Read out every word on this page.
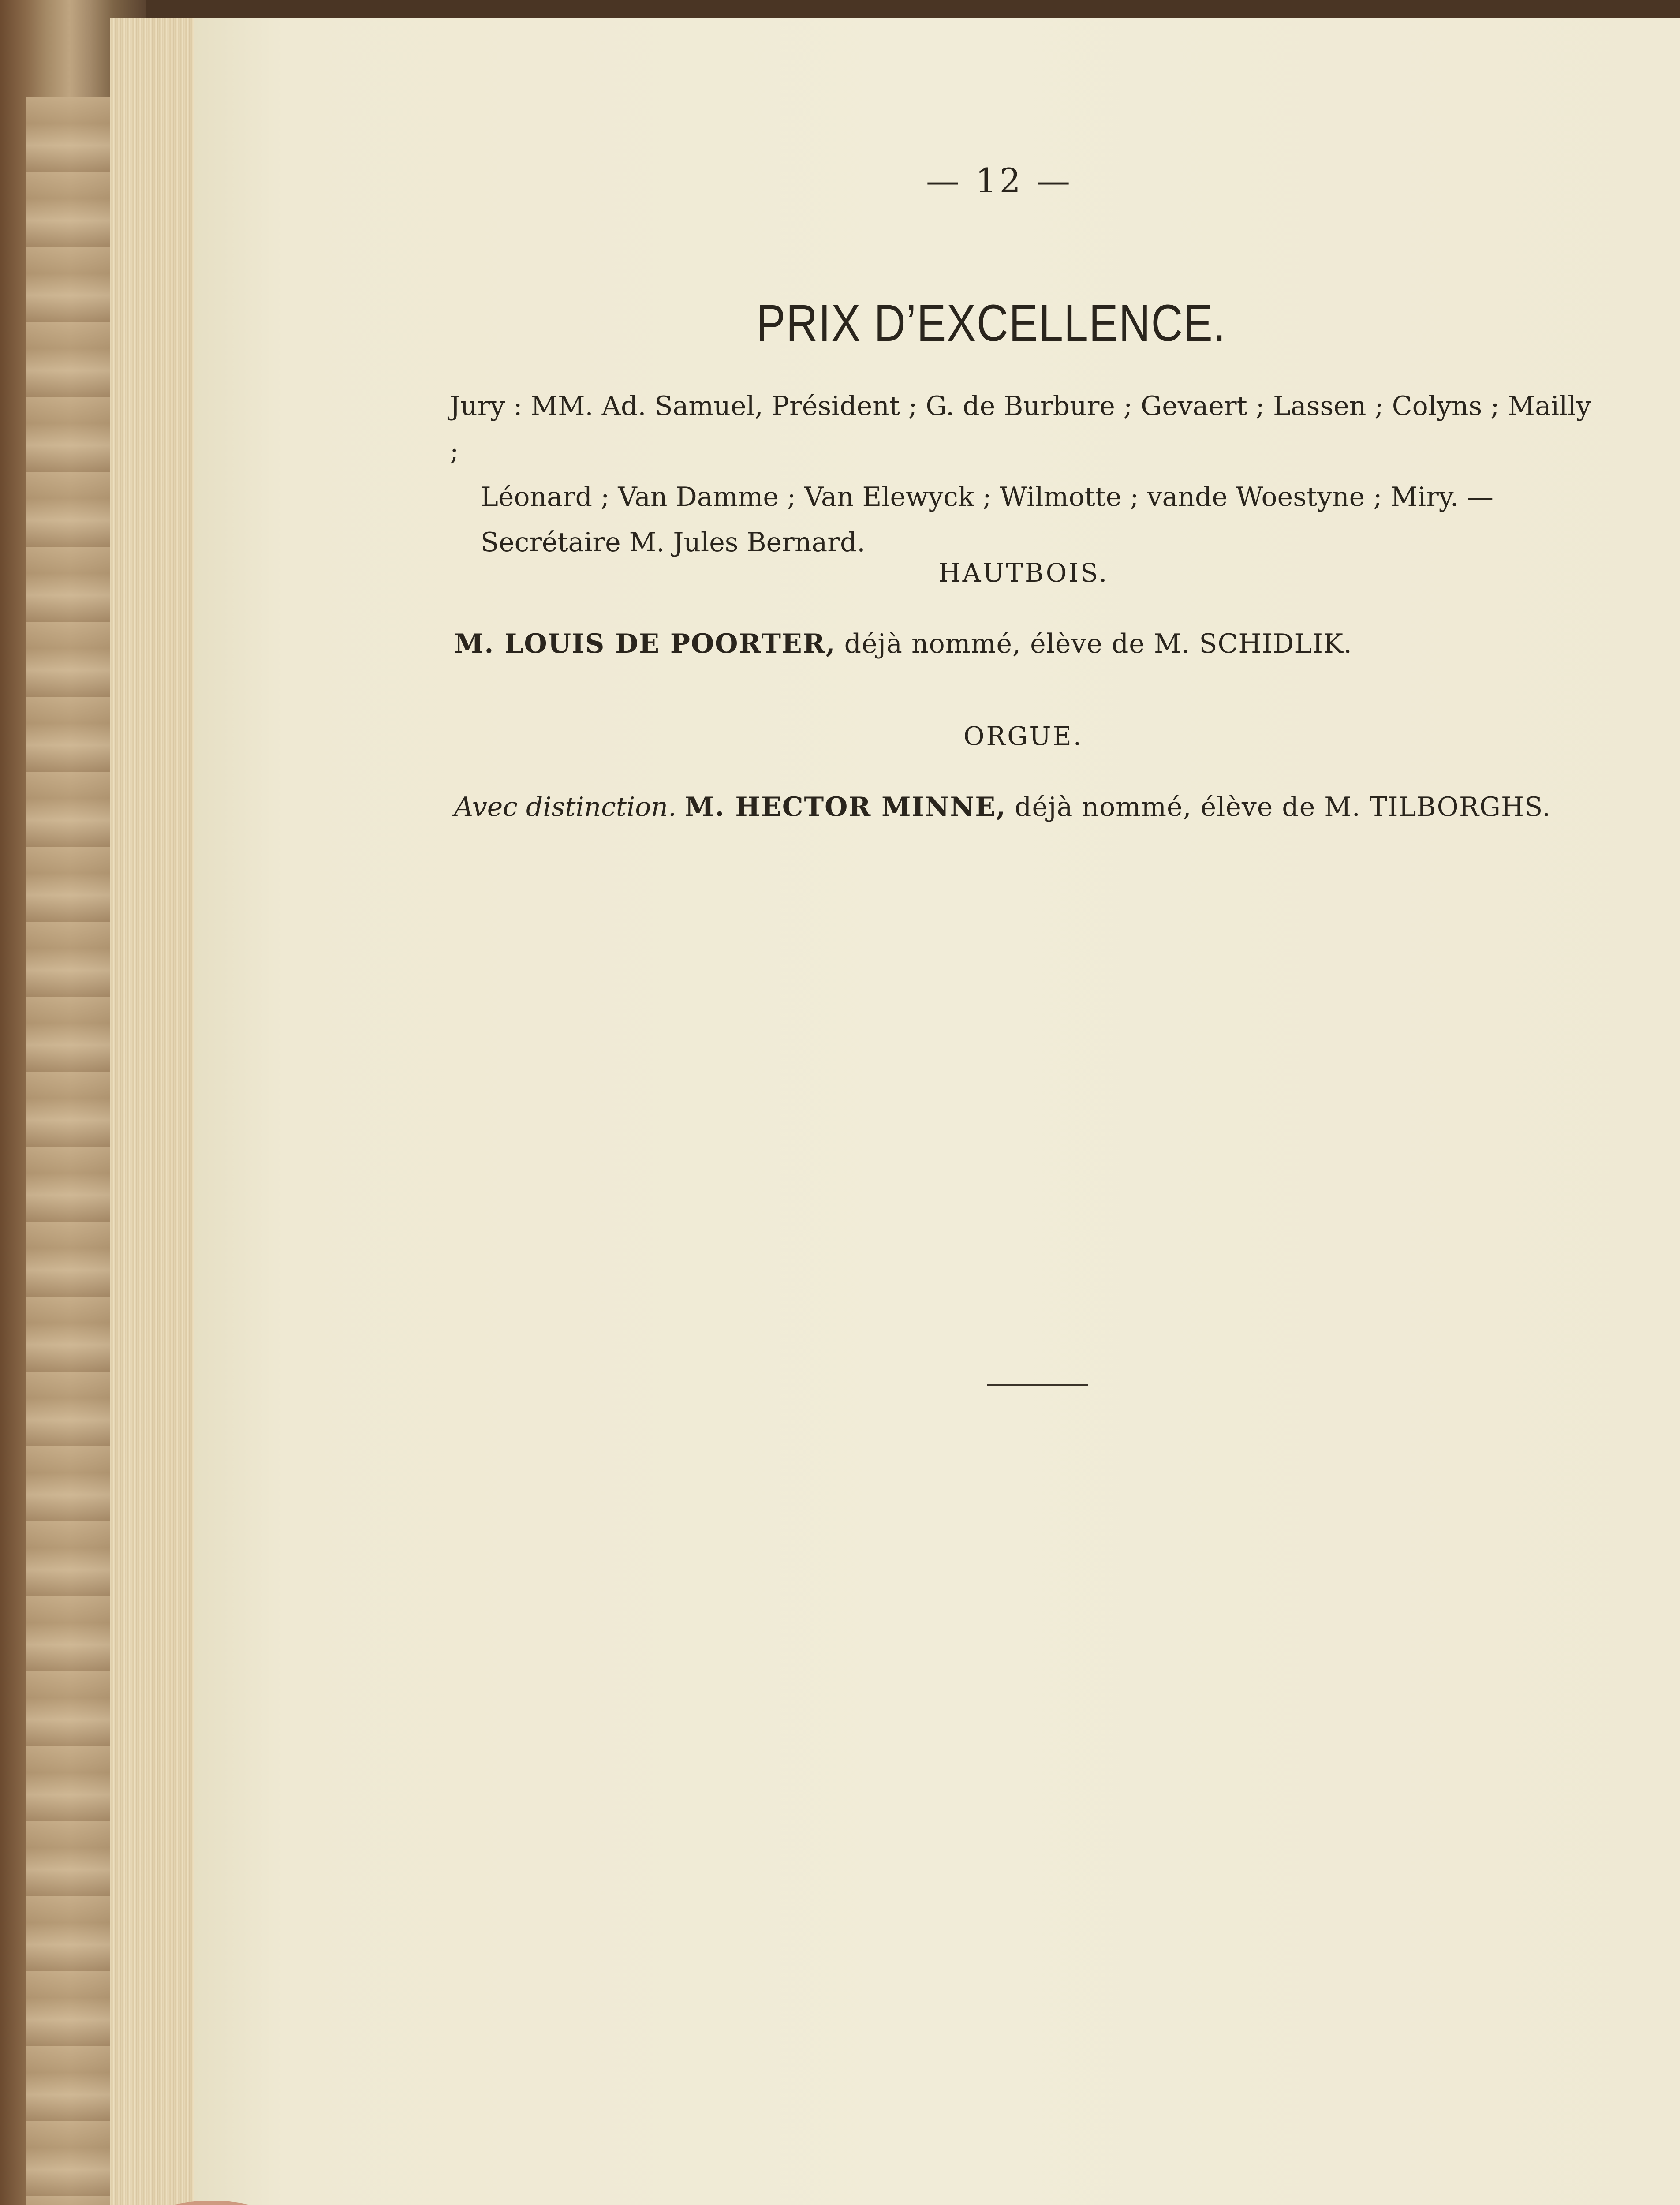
— 12 —
PRIX D’EXCELLENCE.
Jury : MM. Ad. Samuel, Président ; G. de Burbure ; Gevaert ; Lassen ; Colyns ; Mailly ;
Léonard ; Van Damme ; Van Elewyck ; Wilmotte ; vande Woestyne ; Miry. —
Secrétaire M. Jules Bernard.
HAUTBOIS.
M. LOUIS DE POORTER, déjà nommé, élève de M. SCHIDLIK.
ORGUE.
Avec distinction. M. HECTOR MINNE, déjà nommé, élève de M. TILBORGHS.
